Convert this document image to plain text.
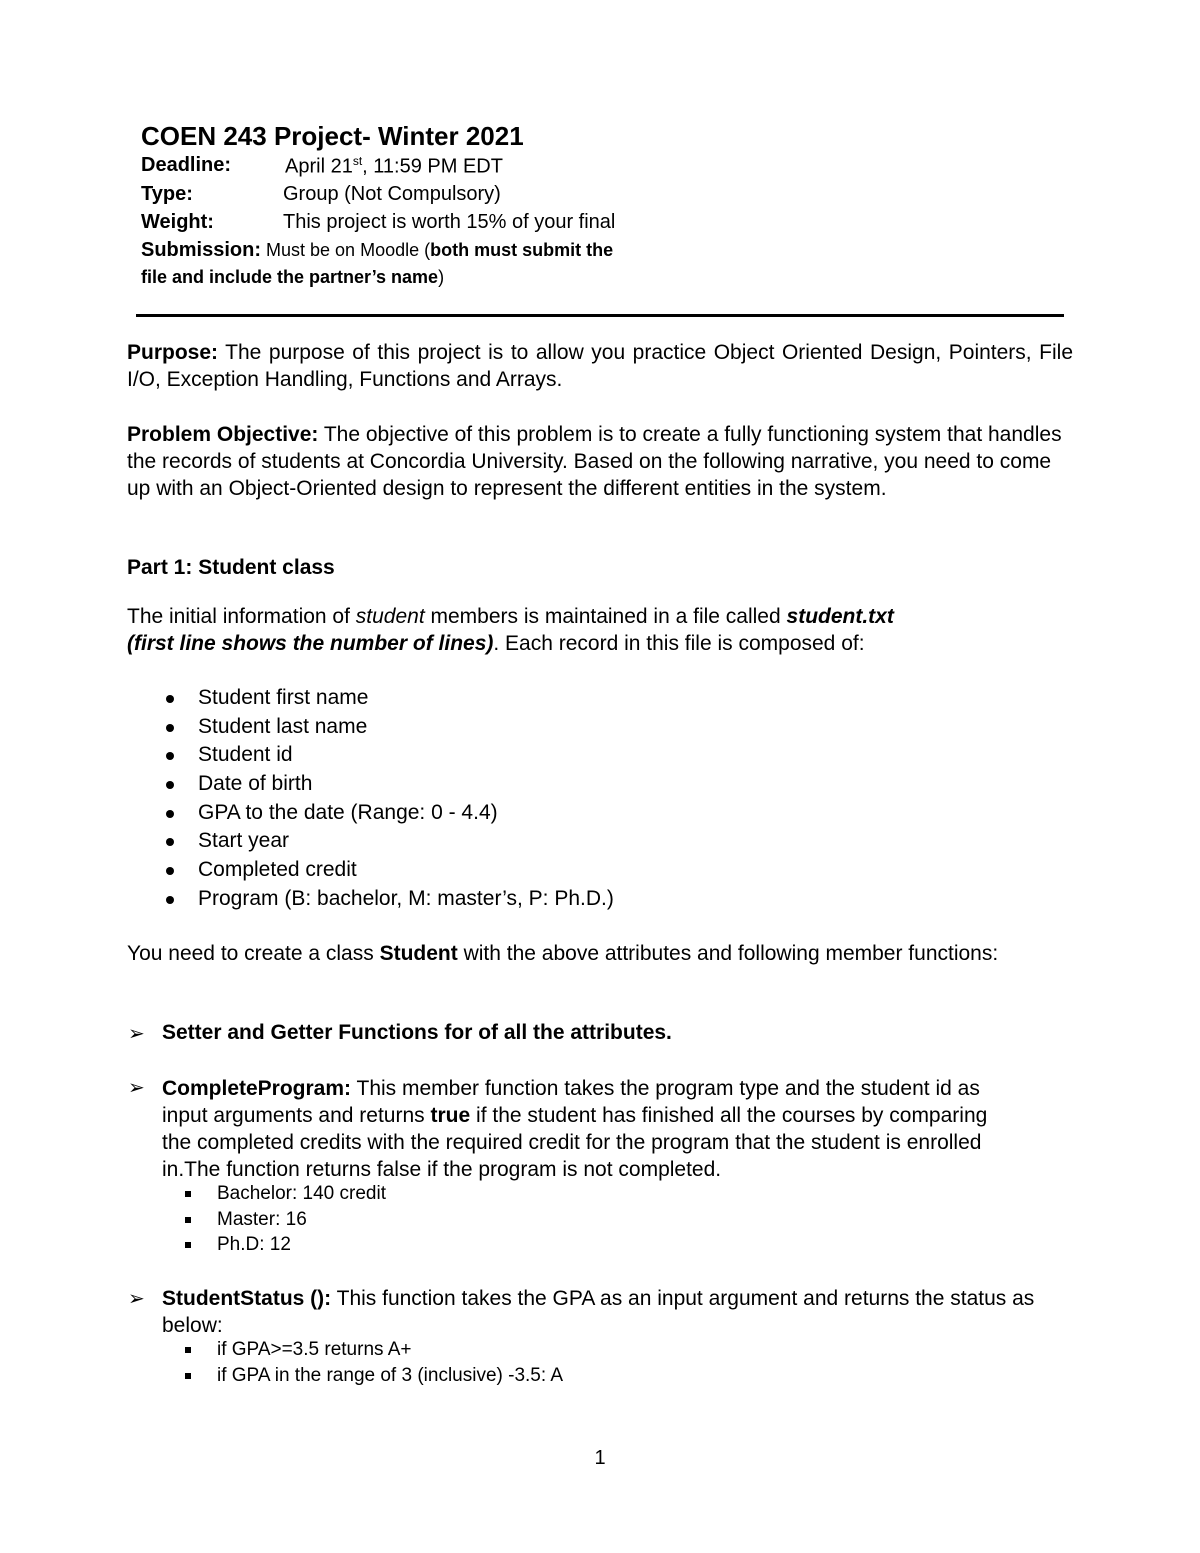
COEN 243 Project- Winter 2021
Deadline:	April 21st, 11:59 PM EDT
Type:	Group (Not Compulsory)
Weight:	This project is worth 15% of your final
Submission: Must be on Moodle (both must submit the
file and include the partner’s name)
Purpose: The purpose of this project is to allow you practice Object Oriented Design, Pointers, File I/O, Exception Handling, Functions and Arrays.
Problem Objective: The objective of this problem is to create a fully functioning system that handles the records of students at Concordia University. Based on the following narrative, you need to come up with an Object-Oriented design to represent the different entities in the system.
Part 1: Student class
The initial information of student members is maintained in a file called student.txt
(first line shows the number of lines). Each record in this file is composed of:
Student first name
Student last name
Student id
Date of birth
GPA to the date (Range: 0 - 4.4)
Start year
Completed credit
Program (B: bachelor, M: master’s, P: Ph.D.)
You need to create a class Student with the above attributes and following member functions:
➢ Setter and Getter Functions for of all the attributes.
➢ CompleteProgram: This member function takes the program type and the student id as input arguments and returns true if the student has finished all the courses by comparing the completed credits with the required credit for the program that the student is enrolled in.The function returns false if the program is not completed.
Bachelor: 140 credit
Master: 16
Ph.D: 12
➢ StudentStatus (): This function takes the GPA as an input argument and returns the status as below:
if GPA>=3.5 returns A+
if GPA in the range of 3 (inclusive) -3.5: A
1
